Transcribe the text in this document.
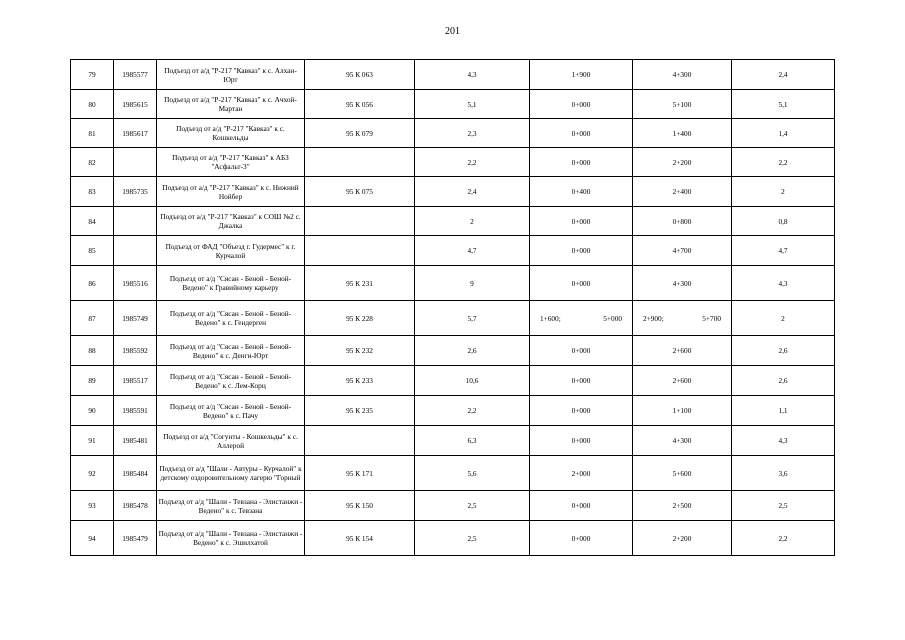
201
79	1985577	Подъезд от а/д "Р-217 "Кавказ" к с. Алхан-Юрт	95 К 063	4,3	1+900	4+300	2,4
80	1985615	Подъезд от а/д "Р-217 "Кавказ" к с. Ачхой-Мартан	95 К 056	5,1	0+000	5+100	5,1
81	1985617	Подъезд от а/д "Р-217 "Кавказ" к с. Кошкельды	95 К 079	2,3	0+000	1+400	1,4
82		Подъезд от а/д "Р-217 "Кавказ" к АБЗ "Асфальт-3"		2,2	0+000	2+200	2,2
83	1985735	Подъезд от а/д "Р-217 "Кавказ" к с. Нижний Нойбер	95 К 075	2,4	0+400	2+400	2
84		Подъезд от а/д "Р-217 "Кавказ" к СОШ №2 с. Джалка		2	0+000	0+800	0,8
85		Подъезд от ФАД "Объезд г. Гудермес" к г. Курчалой		4,7	0+000	4+700	4,7
86	1985516	Подъезд от а/д "Сясан - Беной - Беной-Ведено" к Гравийному карьеру	95 К 231	9	0+000	4+300	4,3
87	1985749	Подъезд от а/д "Сясан - Беной - Беной-Ведено" к с. Гендерген	95 К 228	5,7	1+600; 5+000	2+900; 5+700	2
88	1985592	Подъезд от а/д "Сясан - Беной - Беной-Ведено" к с. Денги-Юрт	95 К 232	2,6	0+000	2+600	2,6
89	1985517	Подъезд от а/д "Сясан - Беной - Беной-Ведено" к с. Лем-Корц	95 К 233	10,6	0+000	2+600	2,6
90	1985591	Подъезд от а/д "Сясан - Беной - Беной-Ведено" к с. Пачу	95 К 235	2,2	0+000	1+100	1,1
91	1985481	Подъезд от а/д "Согунты - Кошкельды" к с. Аллерой		6,3	0+000	4+300	4,3
92	1985484	Подъезд от а/д "Шали - Автуры - Курчалой" к детскому оздоровительному лагерю "Горный	95 К 171	5,6	2+000	5+600	3,6
93	1985478	Подъезд от а/д "Шали - Тевзана - Элистанжи - Ведено" к с. Тевзана	95 К 150	2,5	0+000	2+500	2,5
94	1985479	Подъезд от а/д "Шали - Тевзана - Элистанжи - Ведено" к с. Эшилхатой	95 К 154	2,5	0+000	2+200	2,2
